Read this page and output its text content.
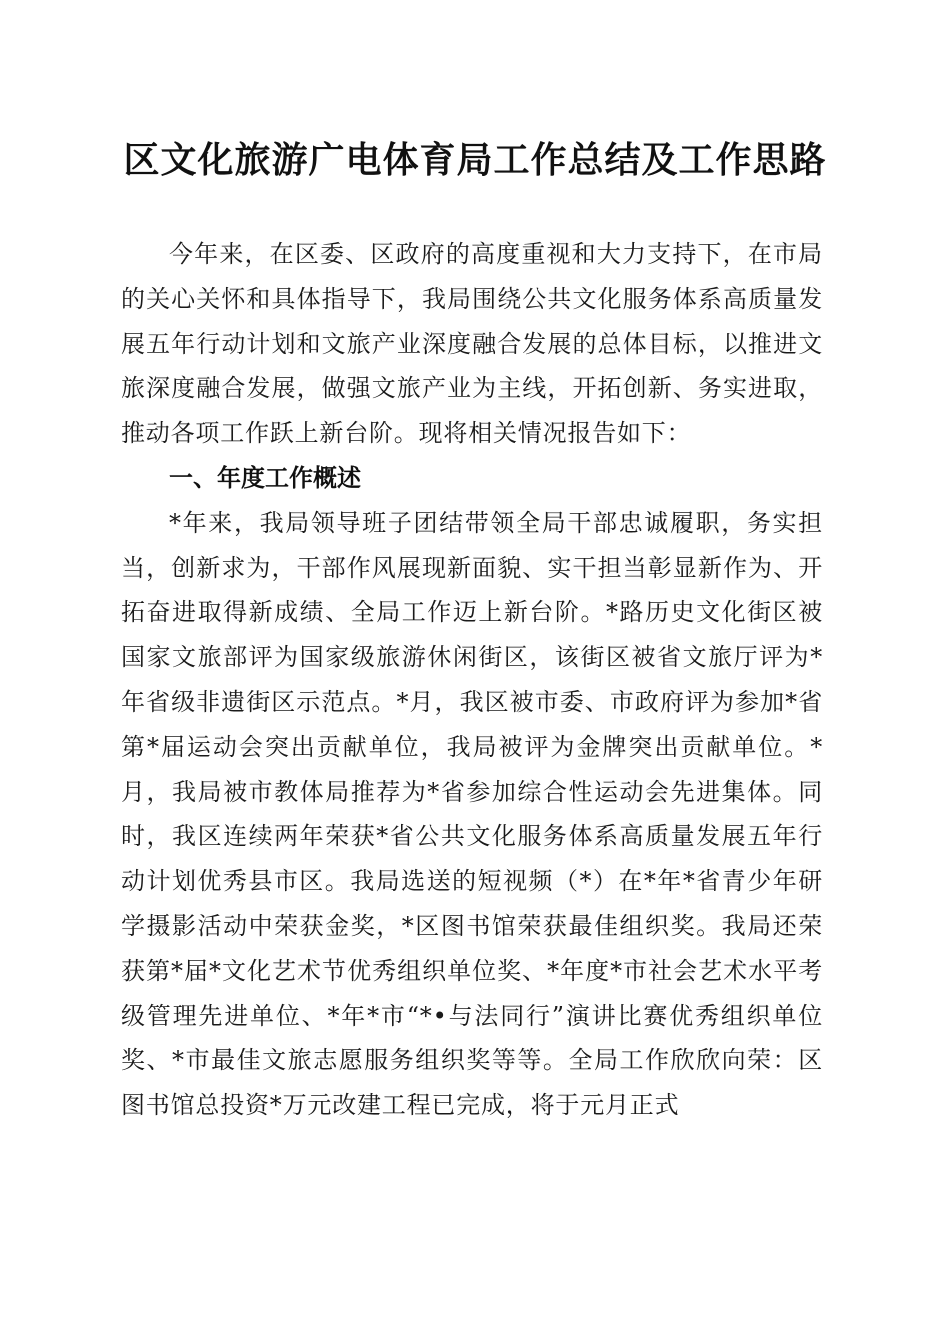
区文化旅游广电体育局工作总结及工作思路

今年来，在区委、区政府的高度重视和大力支持下，在市局的关心关怀和具体指导下，我局围绕公共文化服务体系高质量发展五年行动计划和文旅产业深度融合发展的总体目标，以推进文旅深度融合发展，做强文旅产业为主线，开拓创新、务实进取，推动各项工作跃上新台阶。现将相关情况报告如下：

一、年度工作概述

*年来，我局领导班子团结带领全局干部忠诚履职，务实担当，创新求为，干部作风展现新面貌、实干担当彰显新作为、开拓奋进取得新成绩、全局工作迈上新台阶。*路历史文化街区被国家文旅部评为国家级旅游休闲街区，该街区被省文旅厅评为*年省级非遗街区示范点。*月，我区被市委、市政府评为参加*省第*届运动会突出贡献单位，我局被评为金牌突出贡献单位。*月，我局被市教体局推荐为*省参加综合性运动会先进集体。同时，我区连续两年荣获*省公共文化服务体系高质量发展五年行动计划优秀县市区。我局选送的短视频（*）在*年*省青少年研学摄影活动中荣获金奖，*区图书馆荣获最佳组织奖。我局还荣获第*届*文化艺术节优秀组织单位奖、*年度*市社会艺术水平考级管理先进单位、*年*市“*•与法同行”演讲比赛优秀组织单位奖、*市最佳文旅志愿服务组织奖等等。全局工作欣欣向荣：区图书馆总投资*万元改建工程已完成，将于元月正式
